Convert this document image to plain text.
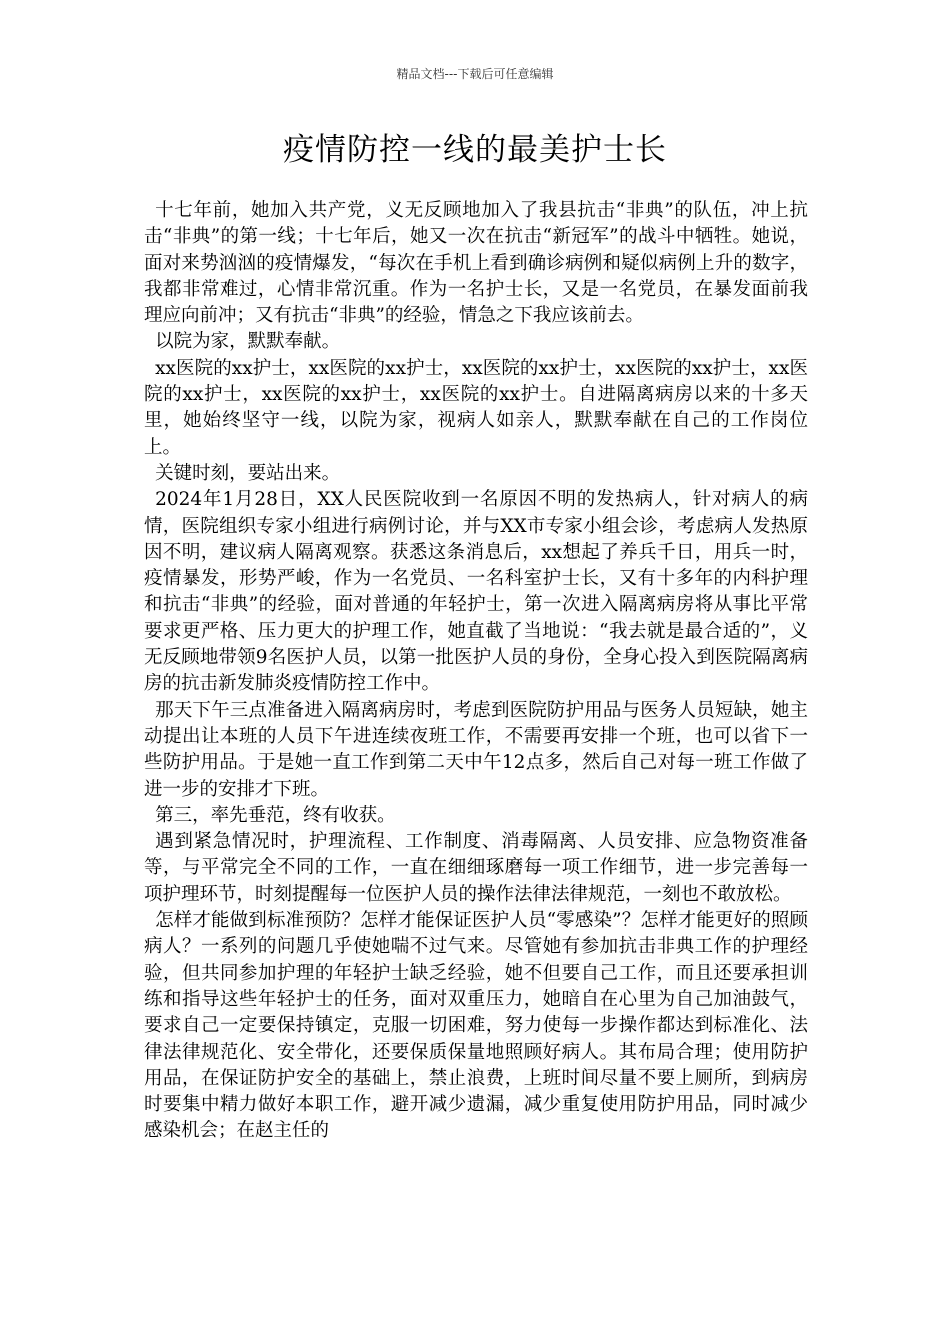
精品文档---下载后可任意编辑
疫情防控一线的最美护士长

十七年前，她加入共产党，义无反顾地加入了我县抗击“非典”的队伍，冲上抗击“非典”的第一线；十七年后，她又一次在抗击“新冠军”的战斗中牺牲。她说，面对来势汹汹的疫情爆发，“每次在手机上看到确诊病例和疑似病例上升的数字，我都非常难过，心情非常沉重。作为一名护士长，又是一名党员，在暴发面前我理应向前冲；又有抗击“非典”的经验，情急之下我应该前去。

以院为家，默默奉献。

xx医院的xx护士，xx医院的xx护士，xx医院的xx护士，xx医院的xx护士，xx医院的xx护士，xx医院的xx护士，xx医院的xx护士。自进隔离病房以来的十多天里，她始终坚守一线，以院为家，视病人如亲人，默默奉献在自己的工作岗位上。

关键时刻，要站出来。

2024年1月28日，XX人民医院收到一名原因不明的发热病人，针对病人的病情，医院组织专家小组进行病例讨论，并与XX市专家小组会诊，考虑病人发热原因不明，建议病人隔离观察。获悉这条消息后，xx想起了养兵千日，用兵一时，疫情暴发，形势严峻，作为一名党员、一名科室护士长，又有十多年的内科护理和抗击“非典”的经验，面对普通的年轻护士，第一次进入隔离病房将从事比平常要求更严格、压力更大的护理工作，她直截了当地说：“我去就是最合适的”，义无反顾地带领9名医护人员，以第一批医护人员的身份，全身心投入到医院隔离病房的抗击新发肺炎疫情防控工作中。

那天下午三点准备进入隔离病房时，考虑到医院防护用品与医务人员短缺，她主动提出让本班的人员下午进连续夜班工作，不需要再安排一个班，也可以省下一些防护用品。于是她一直工作到第二天中午12点多，然后自己对每一班工作做了进一步的安排才下班。

第三，率先垂范，终有收获。

遇到紧急情况时，护理流程、工作制度、消毒隔离、人员安排、应急物资准备等，与平常完全不同的工作，一直在细细琢磨每一项工作细节，进一步完善每一项护理环节，时刻提醒每一位医护人员的操作法律法律规范，一刻也不敢放松。

怎样才能做到标准预防？怎样才能保证医护人员“零感染”？怎样才能更好的照顾病人？一系列的问题几乎使她喘不过气来。尽管她有参加抗击非典工作的护理经验，但共同参加护理的年轻护士缺乏经验，她不但要自己工作，而且还要承担训练和指导这些年轻护士的任务，面对双重压力，她暗自在心里为自己加油鼓气，要求自己一定要保持镇定，克服一切困难，努力使每一步操作都达到标准化、法律法律规范化、安全带化，还要保质保量地照顾好病人。其布局合理；使用防护用品，在保证防护安全的基础上，禁止浪费，上班时间尽量不要上厕所，到病房时要集中精力做好本职工作，避开减少遗漏，减少重复使用防护用品，同时减少感染机会；在赵主任的
